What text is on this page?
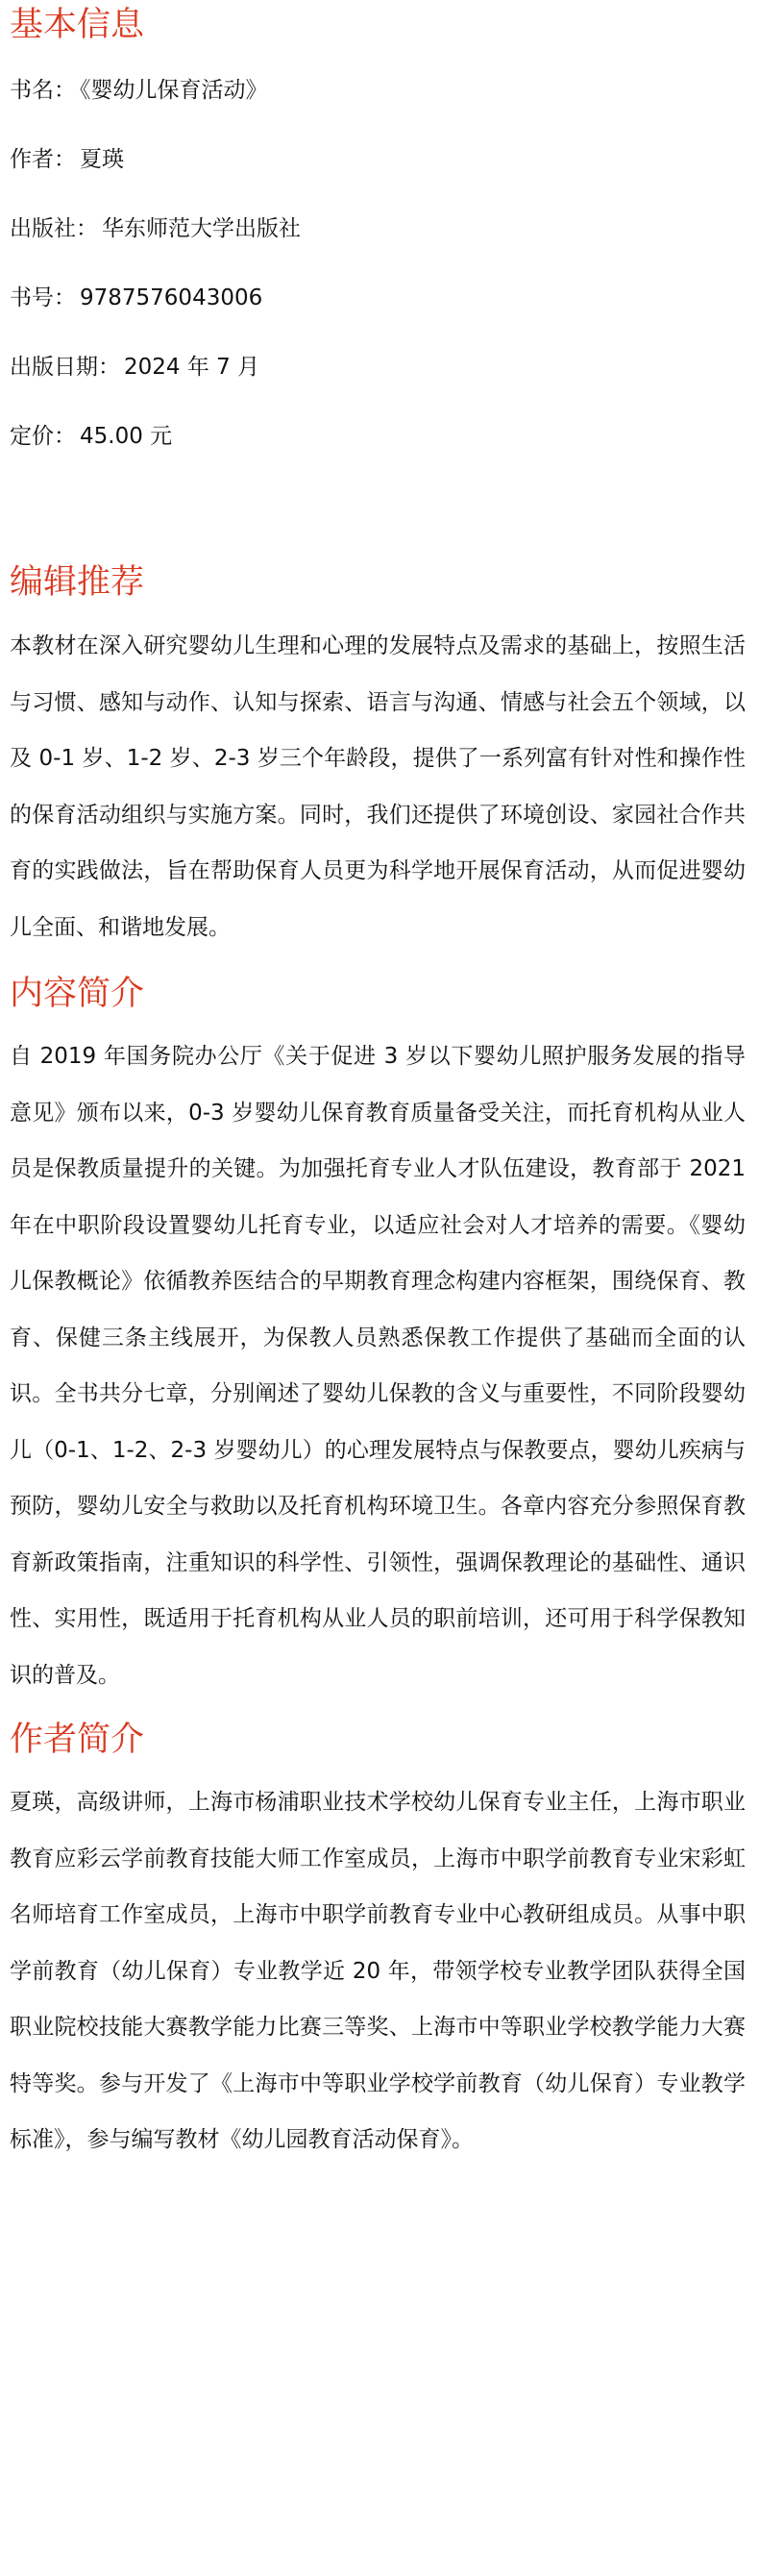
基本信息

书名： 《婴幼儿保育活动》

作者： 夏瑛

出版社： 华东师范大学出版社

书号： 9787576043006

出版日期： 2024 年 7 月

定价： 45.00 元

编辑推荐

本教材在深入研究婴幼儿生理和心理的发展特点及需求的基础上，按照生活与习惯、感知与动作、认知与探索、语言与沟通、情感与社会五个领域，以及 0-1 岁、1-2 岁、2-3 岁三个年龄段，提供了一系列富有针对性和操作性的保育活动组织与实施方案。同时，我们还提供了环境创设、家园社合作共育的实践做法，旨在帮助保育人员更为科学地开展保育活动，从而促进婴幼儿全面、和谐地发展。

内容简介

自 2019 年国务院办公厅《关于促进 3 岁以下婴幼儿照护服务发展的指导意见》颁布以来，0-3 岁婴幼儿保育教育质量备受关注，而托育机构从业人员是保教质量提升的关键。为加强托育专业人才队伍建设，教育部于 2021 年在中职阶段设置婴幼儿托育专业，以适应社会对人才培养的需要。《婴幼儿保教概论》依循教养医结合的早期教育理念构建内容框架，围绕保育、教育、保健三条主线展开，为保教人员熟悉保教工作提供了基础而全面的认识。全书共分七章，分别阐述了婴幼儿保教的含义与重要性，不同阶段婴幼儿（0-1、1-2、2-3 岁婴幼儿）的心理发展特点与保教要点，婴幼儿疾病与预防，婴幼儿安全与救助以及托育机构环境卫生。各章内容充分参照保育教育新政策指南，注重知识的科学性、引领性，强调保教理论的基础性、通识性、实用性，既适用于托育机构从业人员的职前培训，还可用于科学保教知识的普及。

作者简介

夏瑛，高级讲师，上海市杨浦职业技术学校幼儿保育专业主任，上海市职业教育应彩云学前教育技能大师工作室成员，上海市中职学前教育专业宋彩虹名师培育工作室成员，上海市中职学前教育专业中心教研组成员。从事中职学前教育（幼儿保育）专业教学近 20 年，带领学校专业教学团队获得全国职业院校技能大赛教学能力比赛三等奖、上海市中等职业学校教学能力大赛特等奖。参与开发了《上海市中等职业学校学前教育（幼儿保育）专业教学标准》，参与编写教材《幼儿园教育活动保育》。
